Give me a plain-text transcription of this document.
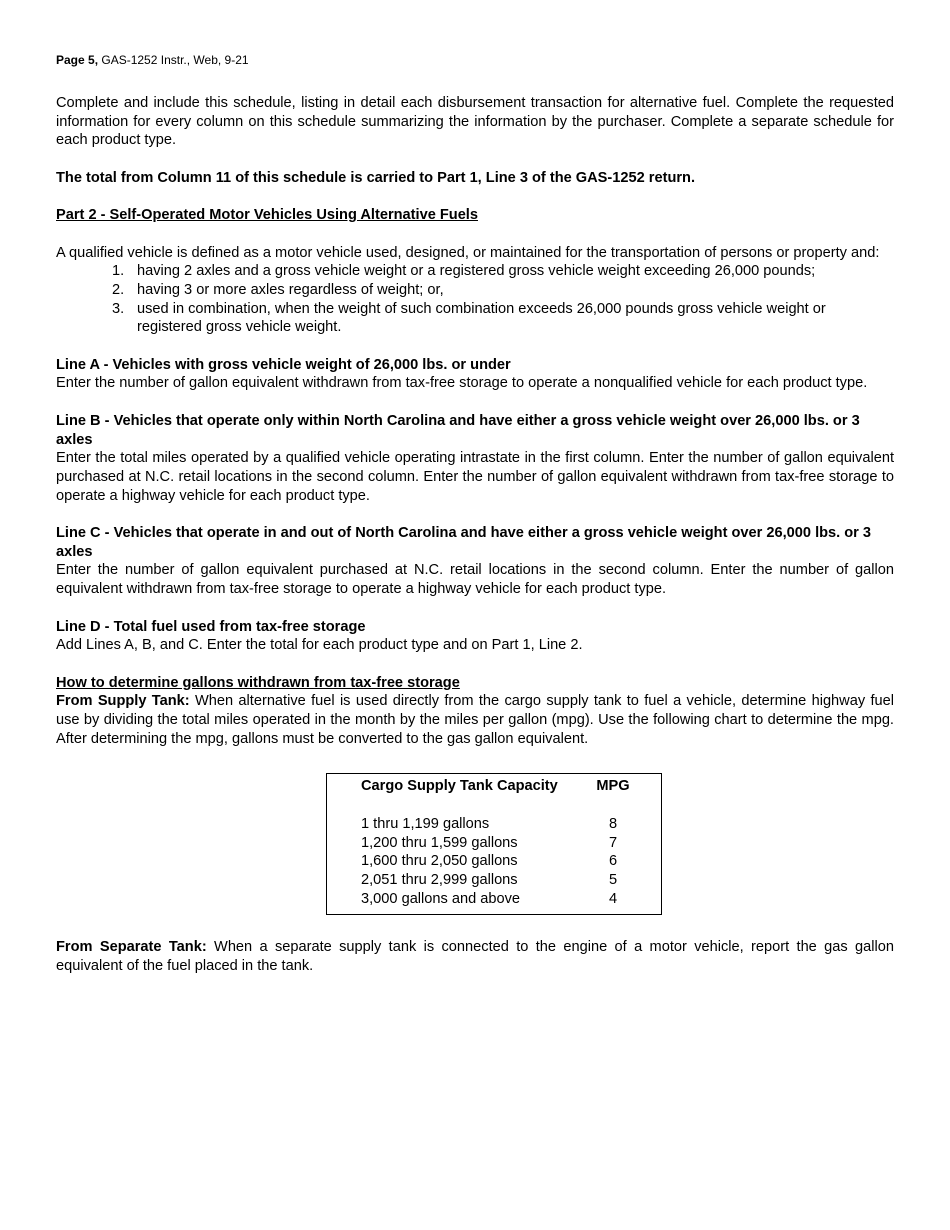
Page 5, GAS-1252 Instr., Web, 9-21

Complete and include this schedule, listing in detail each disbursement transaction for alternative fuel. Complete the requested information for every column on this schedule summarizing the information by the purchaser. Complete a separate schedule for each product type.

The total from Column 11 of this schedule is carried to Part 1, Line 3 of the GAS-1252 return.

Part 2 - Self-Operated Motor Vehicles Using Alternative Fuels

A qualified vehicle is defined as a motor vehicle used, designed, or maintained for the transportation of persons or property and:

1. having 2 axles and a gross vehicle weight or a registered gross vehicle weight exceeding 26,000 pounds;
2. having 3 or more axles regardless of weight; or,
3. used in combination, when the weight of such combination exceeds 26,000 pounds gross vehicle weight or registered gross vehicle weight.

Line A - Vehicles with gross vehicle weight of 26,000 lbs. or under

Enter the number of gallon equivalent withdrawn from tax-free storage to operate a nonqualified vehicle for each product type.

Line B - Vehicles that operate only within North Carolina and have either a gross vehicle weight over 26,000 lbs. or 3 axles

Enter the total miles operated by a qualified vehicle operating intrastate in the first column. Enter the number of gallon equivalent purchased at N.C. retail locations in the second column. Enter the number of gallon equivalent withdrawn from tax-free storage to operate a highway vehicle for each product type.

Line C - Vehicles that operate in and out of North Carolina and have either a gross vehicle weight over 26,000 lbs. or 3 axles

Enter the number of gallon equivalent purchased at N.C. retail locations in the second column. Enter the number of gallon equivalent withdrawn from tax-free storage to operate a highway vehicle for each product type.

Line D - Total fuel used from tax-free storage

Add Lines A, B, and C. Enter the total for each product type and on Part 1, Line 2.

How to determine gallons withdrawn from tax-free storage

From Supply Tank: When alternative fuel is used directly from the cargo supply tank to fuel a vehicle, determine highway fuel use by dividing the total miles operated in the month by the miles per gallon (mpg). Use the following chart to determine the mpg. After determining the mpg, gallons must be converted to the gas gallon equivalent.

Cargo Supply Tank Capacity	MPG
1 thru 1,199 gallons	8
1,200 thru 1,599 gallons	7
1,600 thru 2,050 gallons	6
2,051 thru 2,999 gallons	5
3,000 gallons and above	4

From Separate Tank: When a separate supply tank is connected to the engine of a motor vehicle, report the gas gallon equivalent of the fuel placed in the tank.
